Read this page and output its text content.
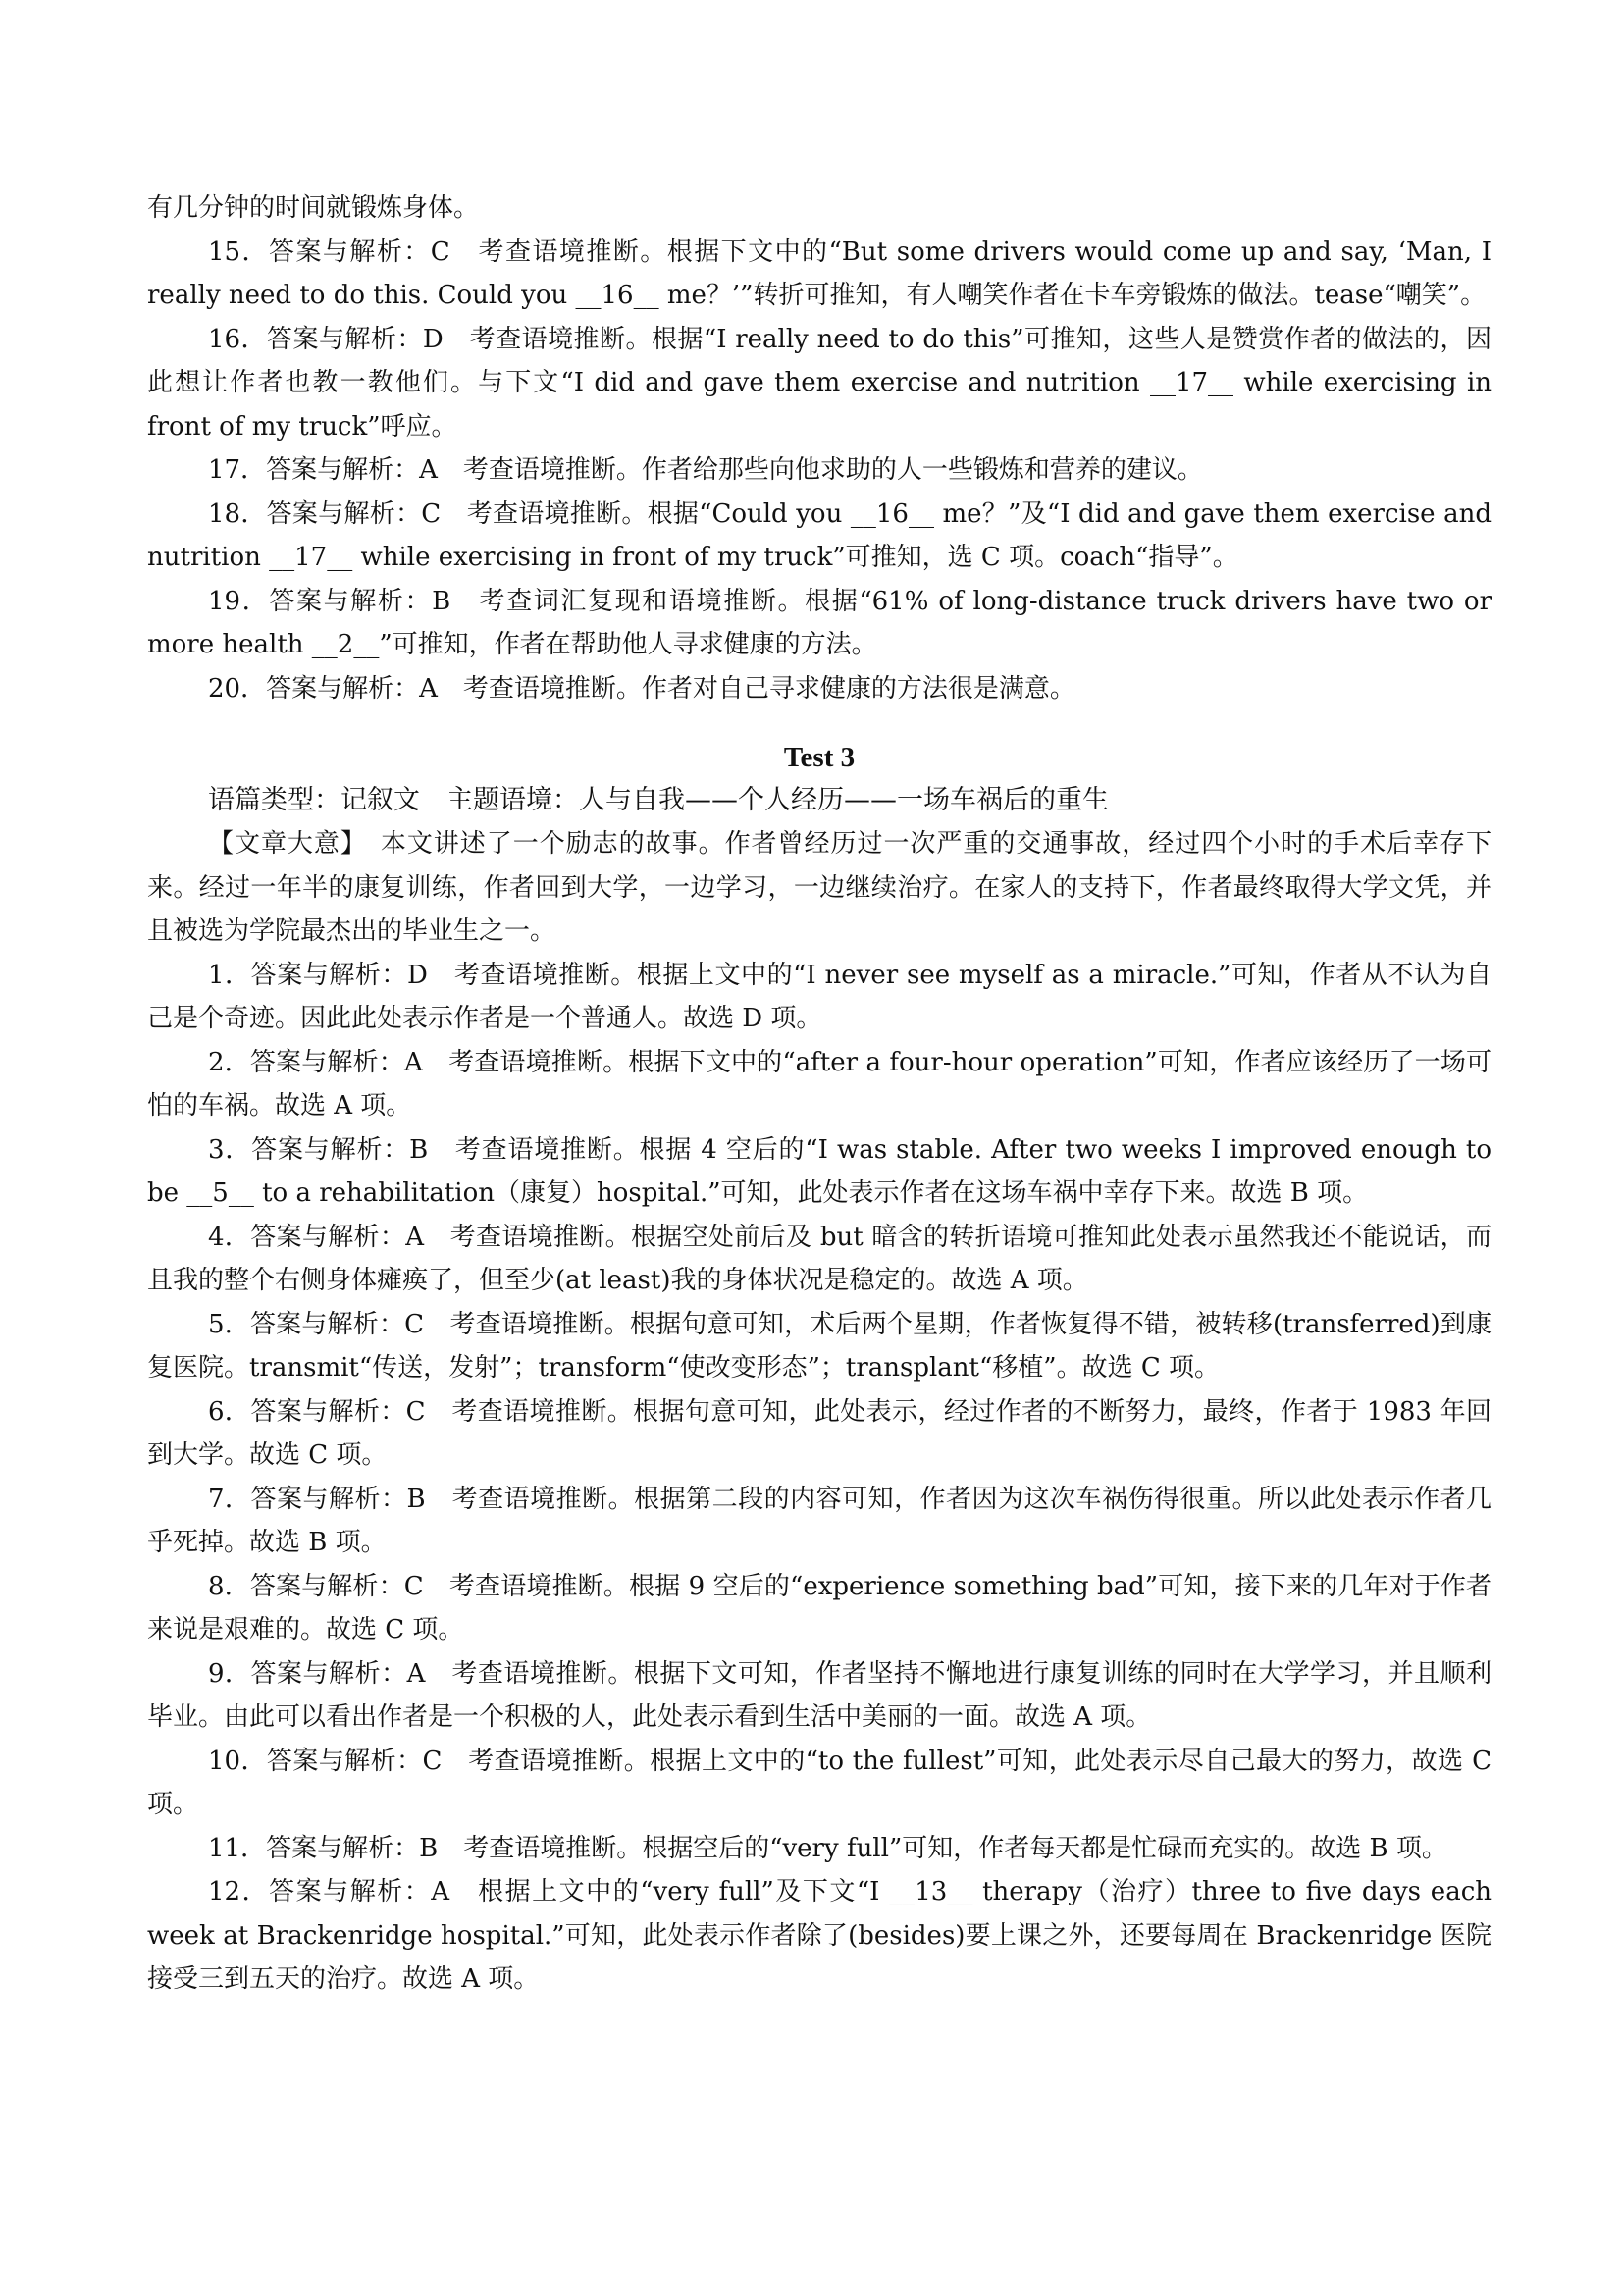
有几分钟的时间就锻炼身体。

15．答案与解析：C　考查语境推断。根据下文中的“But some drivers would come up and say, ‘Man, I really need to do this. Could you __16__ me？’”转折可推知，有人嘲笑作者在卡车旁锻炼的做法。tease“嘲笑”。

16．答案与解析：D　考查语境推断。根据“I really need to do this”可推知，这些人是赞赏作者的做法的，因此想让作者也教一教他们。与下文“I did and gave them exercise and nutrition __17__ while exercising in front of my truck”呼应。

17．答案与解析：A　考查语境推断。作者给那些向他求助的人一些锻炼和营养的建议。

18．答案与解析：C　考查语境推断。根据“Could you __16__ me？”及“I did and gave them exercise and nutrition __17__ while exercising in front of my truck”可推知，选 C 项。coach“指导”。

19．答案与解析：B　考查词汇复现和语境推断。根据“61% of long-distance truck drivers have two or more health __2__”可推知，作者在帮助他人寻求健康的方法。

20．答案与解析：A　考查语境推断。作者对自己寻求健康的方法很是满意。

Test 3

语篇类型：记叙文　主题语境：人与自我——个人经历——一场车祸后的重生

【文章大意】　本文讲述了一个励志的故事。作者曾经历过一次严重的交通事故，经过四个小时的手术后幸存下来。经过一年半的康复训练，作者回到大学，一边学习，一边继续治疗。在家人的支持下，作者最终取得大学文凭，并且被选为学院最杰出的毕业生之一。

1．答案与解析：D　考查语境推断。根据上文中的“I never see myself as a miracle.”可知，作者从不认为自己是个奇迹。因此此处表示作者是一个普通人。故选 D 项。

2．答案与解析：A　考查语境推断。根据下文中的“after a four-hour operation”可知，作者应该经历了一场可怕的车祸。故选 A 项。

3．答案与解析：B　考查语境推断。根据 4 空后的“I was stable. After two weeks I improved enough to be __5__ to a rehabilitation（康复）hospital.”可知，此处表示作者在这场车祸中幸存下来。故选 B 项。

4．答案与解析：A　考查语境推断。根据空处前后及 but 暗含的转折语境可推知此处表示虽然我还不能说话，而且我的整个右侧身体瘫痪了，但至少(at least)我的身体状况是稳定的。故选 A 项。

5．答案与解析：C　考查语境推断。根据句意可知，术后两个星期，作者恢复得不错，被转移(transferred)到康复医院。transmit“传送，发射”；transform“使改变形态”；transplant“移植”。故选 C 项。

6．答案与解析：C　考查语境推断。根据句意可知，此处表示，经过作者的不断努力，最终，作者于 1983 年回到大学。故选 C 项。

7．答案与解析：B　考查语境推断。根据第二段的内容可知，作者因为这次车祸伤得很重。所以此处表示作者几乎死掉。故选 B 项。

8．答案与解析：C　考查语境推断。根据 9 空后的“experience something bad”可知，接下来的几年对于作者来说是艰难的。故选 C 项。

9．答案与解析：A　考查语境推断。根据下文可知，作者坚持不懈地进行康复训练的同时在大学学习，并且顺利毕业。由此可以看出作者是一个积极的人，此处表示看到生活中美丽的一面。故选 A 项。

10．答案与解析：C　考查语境推断。根据上文中的“to the fullest”可知，此处表示尽自己最大的努力，故选 C 项。

11．答案与解析：B　考查语境推断。根据空后的“very full”可知，作者每天都是忙碌而充实的。故选 B 项。

12．答案与解析：A　根据上文中的“very full”及下文“I __13__ therapy（治疗）three to five days each week at Brackenridge hospital.”可知，此处表示作者除了(besides)要上课之外，还要每周在 Brackenridge 医院接受三到五天的治疗。故选 A 项。
